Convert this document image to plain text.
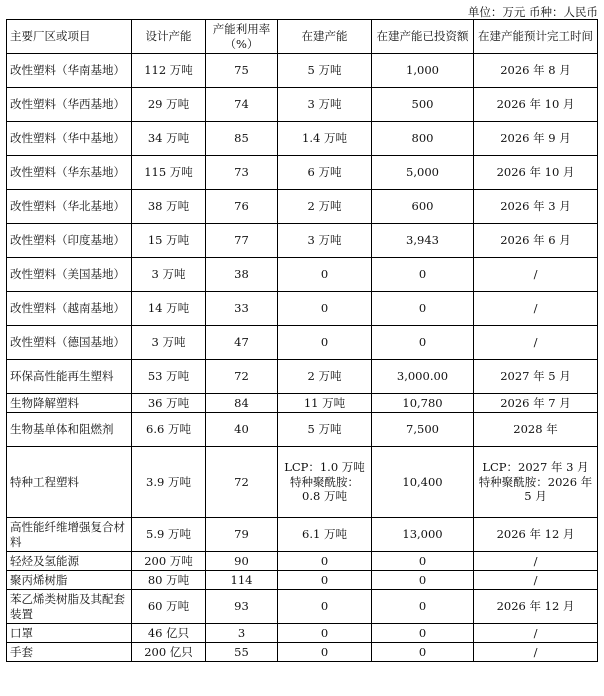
单位：万元 币种：人民币
主要厂区或项目	设计产能	产能利用率（%）	在建产能	在建产能已投资额	在建产能预计完工时间
改性塑料（华南基地）	112 万吨	75	5 万吨	1,000	2026 年 8 月
改性塑料（华西基地）	29 万吨	74	3 万吨	500	2026 年 10 月
改性塑料（华中基地）	34 万吨	85	1.4 万吨	800	2026 年 9 月
改性塑料（华东基地）	115 万吨	73	6 万吨	5,000	2026 年 10 月
改性塑料（华北基地）	38 万吨	76	2 万吨	600	2026 年 3 月
改性塑料（印度基地）	15 万吨	77	3 万吨	3,943	2026 年 6 月
改性塑料（美国基地）	3 万吨	38	0	0	/
改性塑料（越南基地）	14 万吨	33	0	0	/
改性塑料（德国基地）	3 万吨	47	0	0	/
环保高性能再生塑料	53 万吨	72	2 万吨	3,000.00	2027 年 5 月
生物降解塑料	36 万吨	84	11 万吨	10,780	2026 年 7 月
生物基单体和阻燃剂	6.6 万吨	40	5 万吨	7,500	2028 年
特种工程塑料	3.9 万吨	72	LCP：1.0 万吨 特种聚酰胺：0.8 万吨	10,400	LCP：2027 年 3 月 特种聚酰胺：2026 年 5 月
高性能纤维增强复合材料	5.9 万吨	79	6.1 万吨	13,000	2026 年 12 月
轻烃及氢能源	200 万吨	90	0	0	/
聚丙烯树脂	80 万吨	114	0	0	/
苯乙烯类树脂及其配套装置	60 万吨	93	0	0	2026 年 12 月
口罩	46 亿只	3	0	0	/
手套	200 亿只	55	0	0	/
